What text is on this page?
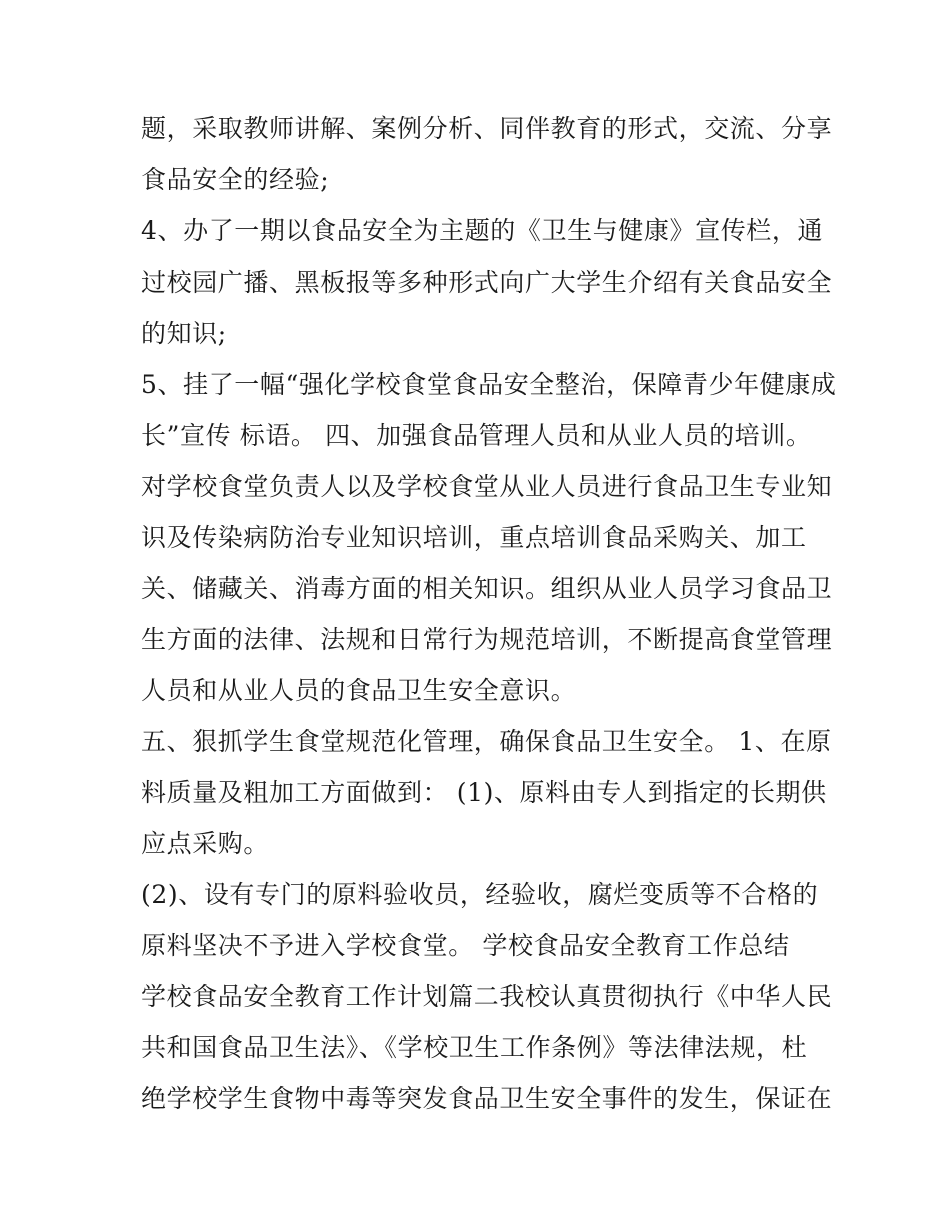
题，采取教师讲解、案例分析、同伴教育的形式，交流、分享
食品安全的经验;
4、办了一期以食品安全为主题的《卫生与健康》宣传栏，通
过校园广播、黑板报等多种形式向广大学生介绍有关食品安全
的知识;
5、挂了一幅“强化学校食堂食品安全整治，保障青少年健康成
长”宣传 标语。 四、加强食品管理人员和从业人员的培训。
对学校食堂负责人以及学校食堂从业人员进行食品卫生专业知
识及传染病防治专业知识培训，重点培训食品采购关、加工
关、储藏关、消毒方面的相关知识。组织从业人员学习食品卫
生方面的法律、法规和日常行为规范培训，不断提高食堂管理
人员和从业人员的食品卫生安全意识。
五、狠抓学生食堂规范化管理，确保食品卫生安全。 1、在原
料质量及粗加工方面做到： (1)、原料由专人到指定的长期供
应点采购。
(2)、设有专门的原料验收员，经验收，腐烂变质等不合格的
原料坚决不予进入学校食堂。 学校食品安全教育工作总结
学校食品安全教育工作计划篇二我校认真贯彻执行《中华人民
共和国食品卫生法》、《学校卫生工作条例》等法律法规，杜
绝学校学生食物中毒等突发食品卫生安全事件的发生，保证在
